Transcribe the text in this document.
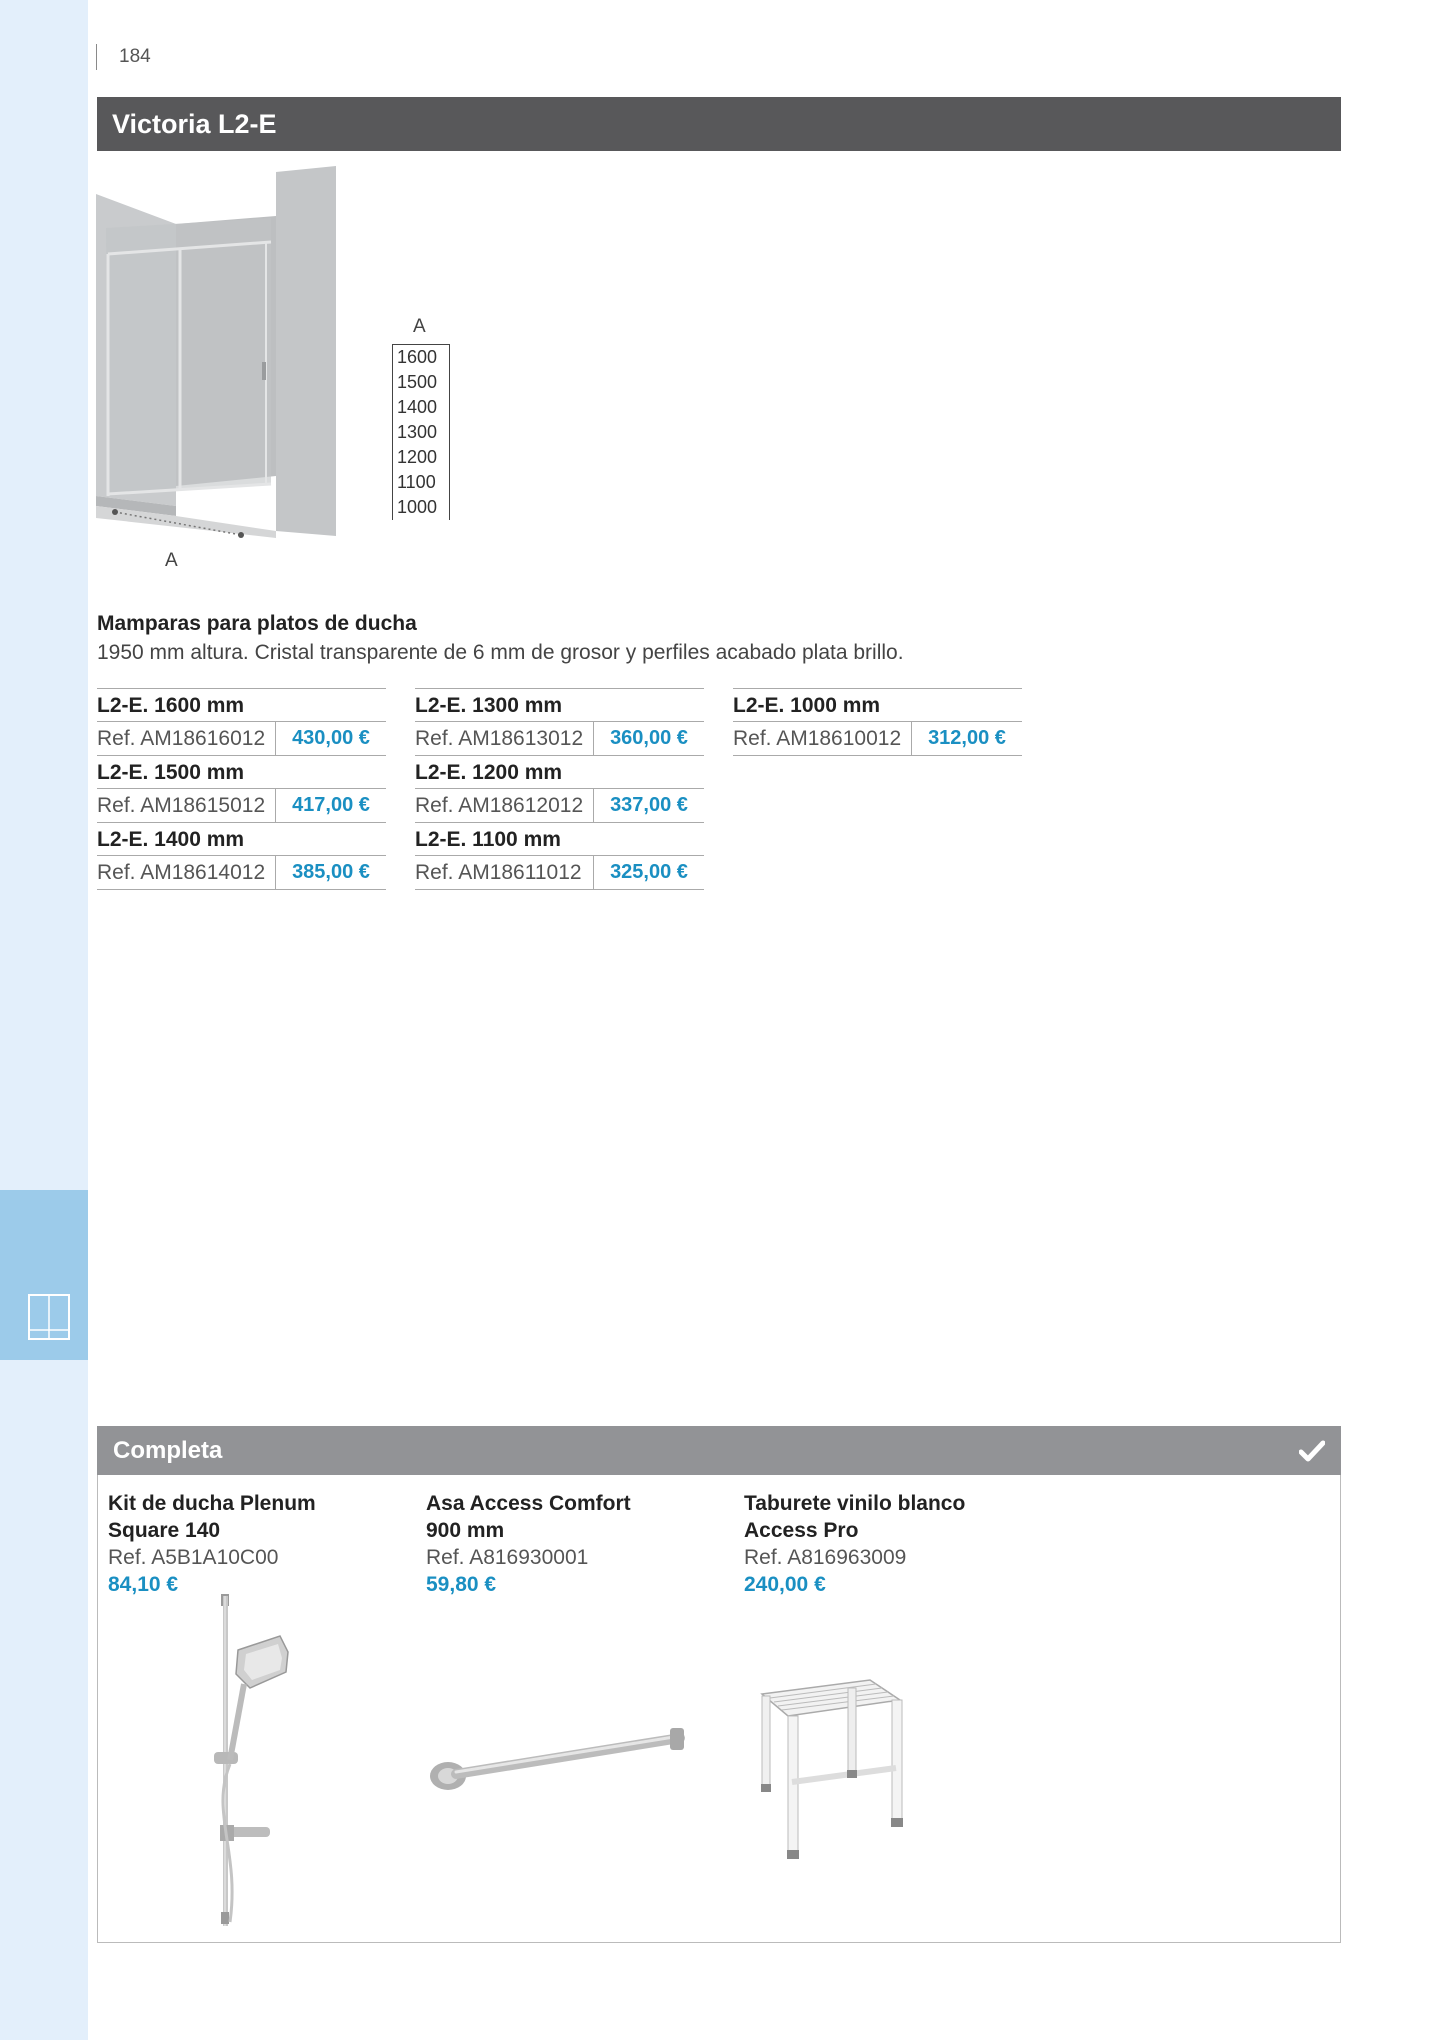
184
Victoria L2-E
A
1600
1500
1400
1300
1200
1100
1000
A
Mamparas para platos de ducha
1950 mm altura. Cristal transparente de 6 mm de grosor y perfiles acabado plata brillo.
L2-E. 1600 mm
Ref. AM18616012	430,00 €
L2-E. 1500 mm
Ref. AM18615012	417,00 €
L2-E. 1400 mm
Ref. AM18614012	385,00 €
L2-E. 1300 mm
Ref. AM18613012	360,00 €
L2-E. 1200 mm
Ref. AM18612012	337,00 €
L2-E. 1100 mm
Ref. AM18611012	325,00 €
L2-E. 1000 mm
Ref. AM18610012	312,00 €
Completa
Kit de ducha Plenum
Square 140
Ref. A5B1A10C00
84,10 €
Asa Access Comfort
900 mm
Ref. A816930001
59,80 €
Taburete vinilo blanco
Access Pro
Ref. A816963009
240,00 €
